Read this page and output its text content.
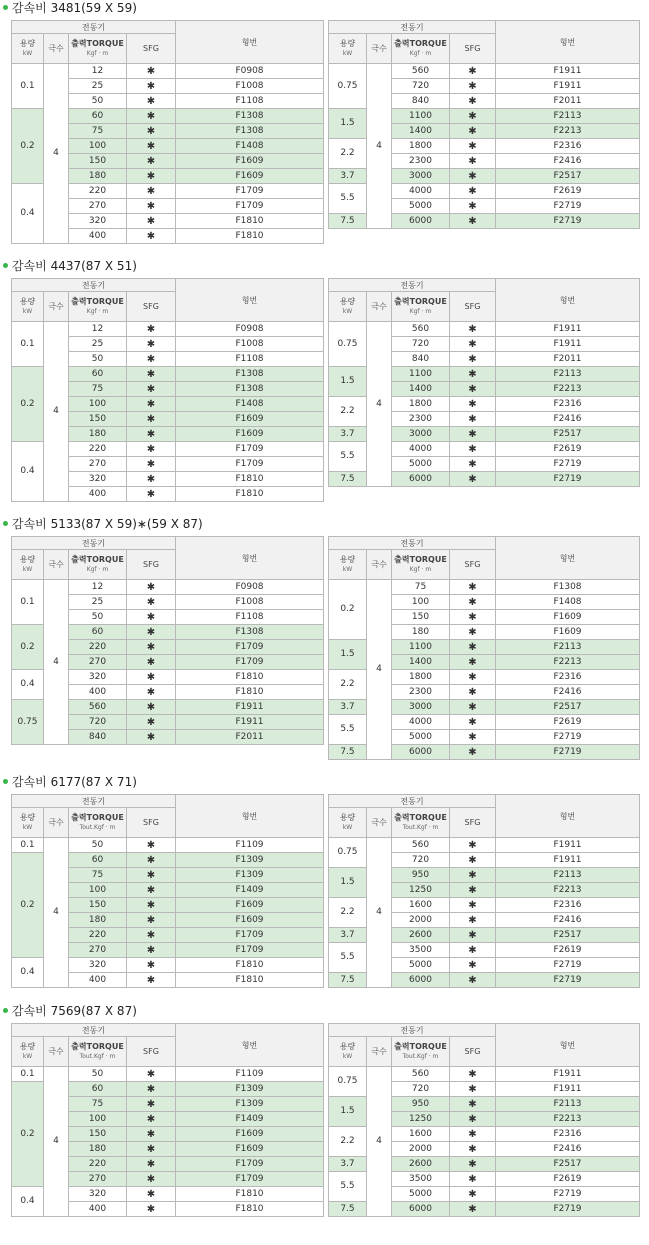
감속비 3481(59 X 59)
전동기				형번
용량
kW	극수	출력TORQUE
Kgf · m	SFG	
0.1	4	12	✱	F0908
		25	✱	F1008
		50	✱	F1108
0.2		60	✱	F1308
		75	✱	F1308
		100	✱	F1408
		150	✱	F1609
		180	✱	F1609
0.4		220	✱	F1709
		270	✱	F1709
		320	✱	F1810
		400	✱	F1810
전동기				형번
용량
kW	극수	출력TORQUE
Kgf · m	SFG	
0.75	4	560	✱	F1911
		720	✱	F1911
		840	✱	F2011
1.5		1100	✱	F2113
		1400	✱	F2213
2.2		1800	✱	F2316
		2300	✱	F2416
3.7		3000	✱	F2517
5.5		4000	✱	F2619
		5000	✱	F2719
7.5		6000	✱	F2719
감속비 4437(87 X 51)
전동기				형번
용량
kW	극수	출력TORQUE
Kgf · m	SFG	
0.1	4	12	✱	F0908
		25	✱	F1008
		50	✱	F1108
0.2		60	✱	F1308
		75	✱	F1308
		100	✱	F1408
		150	✱	F1609
		180	✱	F1609
0.4		220	✱	F1709
		270	✱	F1709
		320	✱	F1810
		400	✱	F1810
전동기				형번
용량
kW	극수	출력TORQUE
Kgf · m	SFG	
0.75	4	560	✱	F1911
		720	✱	F1911
		840	✱	F2011
1.5		1100	✱	F2113
		1400	✱	F2213
2.2		1800	✱	F2316
		2300	✱	F2416
3.7		3000	✱	F2517
5.5		4000	✱	F2619
		5000	✱	F2719
7.5		6000	✱	F2719
감속비 5133(87 X 59)∗(59 X 87)
전동기				형번
용량
kW	극수	출력TORQUE
Kgf · m	SFG	
0.1	4	12	✱	F0908
		25	✱	F1008
		50	✱	F1108
0.2		60	✱	F1308
		220	✱	F1709
		270	✱	F1709
0.4		320	✱	F1810
		400	✱	F1810
0.75		560	✱	F1911
		720	✱	F1911
		840	✱	F2011
전동기				형번
용량
kW	극수	출력TORQUE
Kgf · m	SFG	
0.2	4	75	✱	F1308
		100	✱	F1408
		150	✱	F1609
		180	✱	F1609
1.5		1100	✱	F2113
		1400	✱	F2213
2.2		1800	✱	F2316
		2300	✱	F2416
3.7		3000	✱	F2517
5.5		4000	✱	F2619
		5000	✱	F2719
7.5		6000	✱	F2719
감속비 6177(87 X 71)
전동기				형번
용량
kW	극수	출력TORQUE
Tout.Kgf · m	SFG	
0.1	4	50	✱	F1109
0.2		60	✱	F1309
		75	✱	F1309
		100	✱	F1409
		150	✱	F1609
		180	✱	F1609
		220	✱	F1709
		270	✱	F1709
0.4		320	✱	F1810
		400	✱	F1810
전동기				형번
용량
kW	극수	출력TORQUE
Tout.Kgf · m	SFG	
0.75	4	560	✱	F1911
		720	✱	F1911
1.5		950	✱	F2113
		1250	✱	F2213
2.2		1600	✱	F2316
		2000	✱	F2416
3.7		2600	✱	F2517
5.5		3500	✱	F2619
		5000	✱	F2719
7.5		6000	✱	F2719
감속비 7569(87 X 87)
전동기				형번
용량
kW	극수	출력TORQUE
Tout.Kgf · m	SFG	
0.1	4	50	✱	F1109
0.2		60	✱	F1309
		75	✱	F1309
		100	✱	F1409
		150	✱	F1609
		180	✱	F1609
		220	✱	F1709
		270	✱	F1709
0.4		320	✱	F1810
		400	✱	F1810
전동기				형번
용량
kW	극수	출력TORQUE
Tout.Kgf · m	SFG	
0.75	4	560	✱	F1911
		720	✱	F1911
1.5		950	✱	F2113
		1250	✱	F2213
2.2		1600	✱	F2316
		2000	✱	F2416
3.7		2600	✱	F2517
5.5		3500	✱	F2619
		5000	✱	F2719
7.5		6000	✱	F2719
